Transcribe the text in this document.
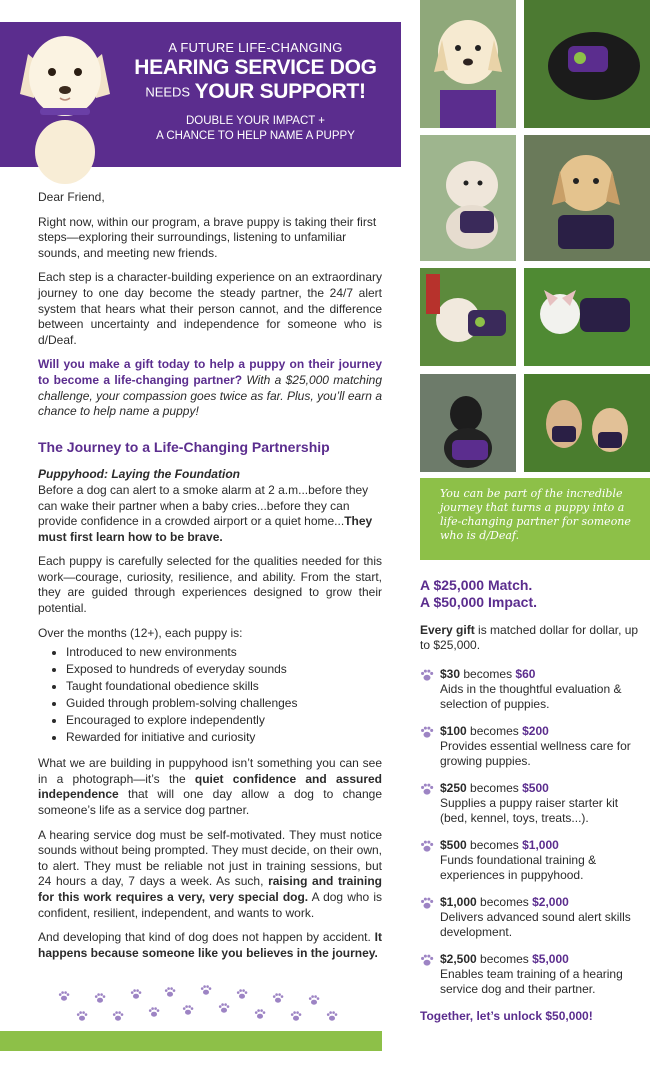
A FUTURE LIFE-CHANGING
HEARING SERVICE DOG
NEEDS YOUR SUPPORT!
DOUBLE YOUR IMPACT +
A CHANCE TO HELP NAME A PUPPY

Dear Friend,

Right now, within our program, a brave puppy is taking their first steps—exploring their surroundings, listening to unfamiliar sounds, and meeting new friends.

Each step is a character-building experience on an extraordinary journey to one day become the steady partner, the 24/7 alert system that hears what their person cannot, and the difference between uncertainty and independence for someone who is d/Deaf.

Will you make a gift today to help a puppy on their journey to become a life-changing partner? With a $25,000 matching challenge, your compassion goes twice as far. Plus, you’ll earn a chance to help name a puppy!

The Journey to a Life-Changing Partnership
Puppyhood: Laying the Foundation

Before a dog can alert to a smoke alarm at 2 a.m...before they can wake their partner when a baby cries...before they can provide confidence in a crowded airport or a quiet home...They must first learn how to be brave.

Each puppy is carefully selected for the qualities needed for this work—courage, curiosity, resilience, and ability. From the start, they are guided through experiences designed to grow their potential.

Over the months (12+), each puppy is:

• Introduced to new environments
• Exposed to hundreds of everyday sounds
• Taught foundational obedience skills
• Guided through problem-solving challenges
• Encouraged to explore independently
• Rewarded for initiative and curiosity

What we are building in puppyhood isn’t something you can see in a photograph—it’s the quiet confidence and assured independence that will one day allow a dog to change someone’s life as a service dog partner.

A hearing service dog must be self-motivated. They must notice sounds without being prompted. They must decide, on their own, to alert. They must be reliable not just in training sessions, but 24 hours a day, 7 days a week. As such, raising and training for this work requires a very, very special dog. A dog who is confident, resilient, independent, and wants to work.

And developing that kind of dog does not happen by accident. It happens because someone like you believes in the journey.

You can be part of the incredible journey that turns a puppy into a life-changing partner for someone who is d/Deaf.
A $25,000 Match.
A $50,000 Impact.
Every gift is matched dollar for dollar, up to $25,000.
$30 becomes $60
Aids in the thoughtful evaluation & selection of puppies.
$100 becomes $200
Provides essential wellness care for growing puppies.
$250 becomes $500
Supplies a puppy raiser starter kit (bed, kennel, toys, treats...).
$500 becomes $1,000
Funds foundational training & experiences in puppyhood.
$1,000 becomes $2,000
Delivers advanced sound alert skills development.
$2,500 becomes $5,000
Enables team training of a hearing service dog and their partner.
Together, let’s unlock $50,000!
